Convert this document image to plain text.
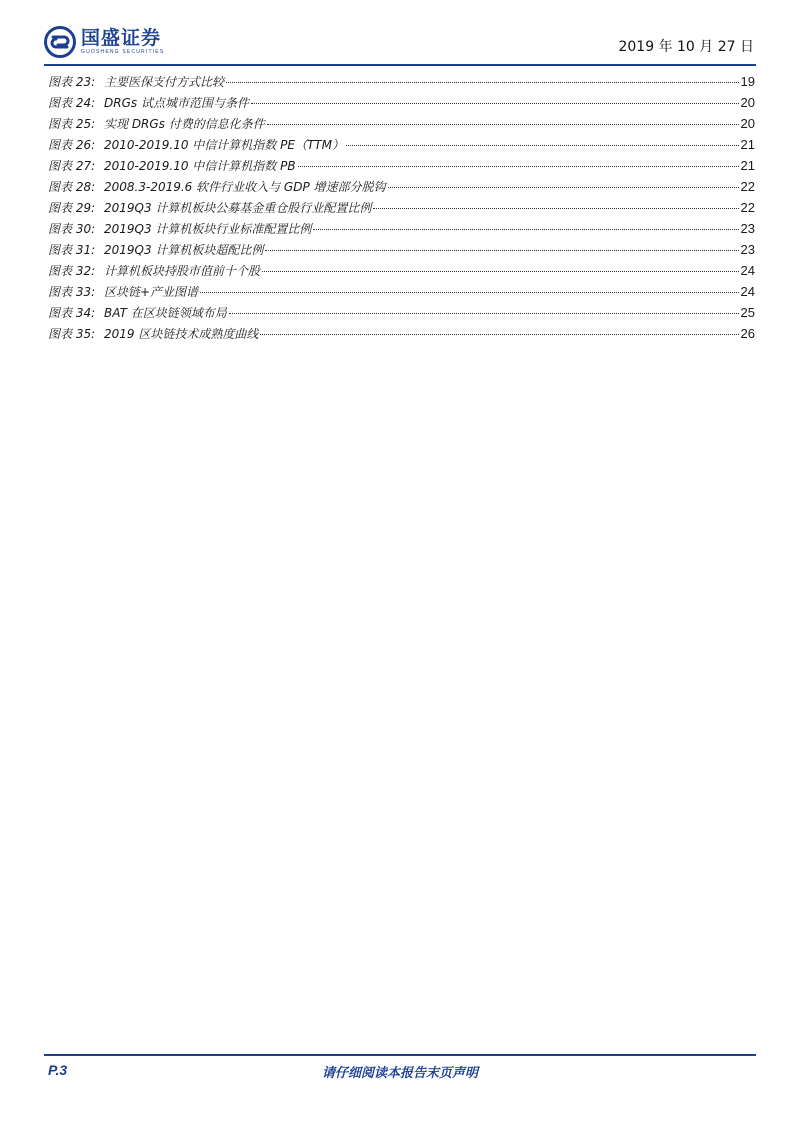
国盛证券
GUOSHENG SECURITIES	2019 年 10 月 27 日
图表 23: 主要医保支付方式比较	19
图表 24: DRGs 试点城市范围与条件	20
图表 25: 实现 DRGs 付费的信息化条件	20
图表 26: 2010-2019.10 中信计算机指数 PE（TTM）	21
图表 27: 2010-2019.10 中信计算机指数 PB	21
图表 28: 2008.3-2019.6 软件行业收入与 GDP 增速部分脱钩	22
图表 29: 2019Q3 计算机板块公募基金重仓股行业配置比例	22
图表 30: 2019Q3 计算机板块行业标准配置比例	23
图表 31: 2019Q3 计算机板块超配比例	23
图表 32: 计算机板块持股市值前十个股	24
图表 33: 区块链+产业图谱	24
图表 34: BAT 在区块链领域布局	25
图表 35: 2019 区块链技术成熟度曲线	26
P.3	请仔细阅读本报告末页声明
